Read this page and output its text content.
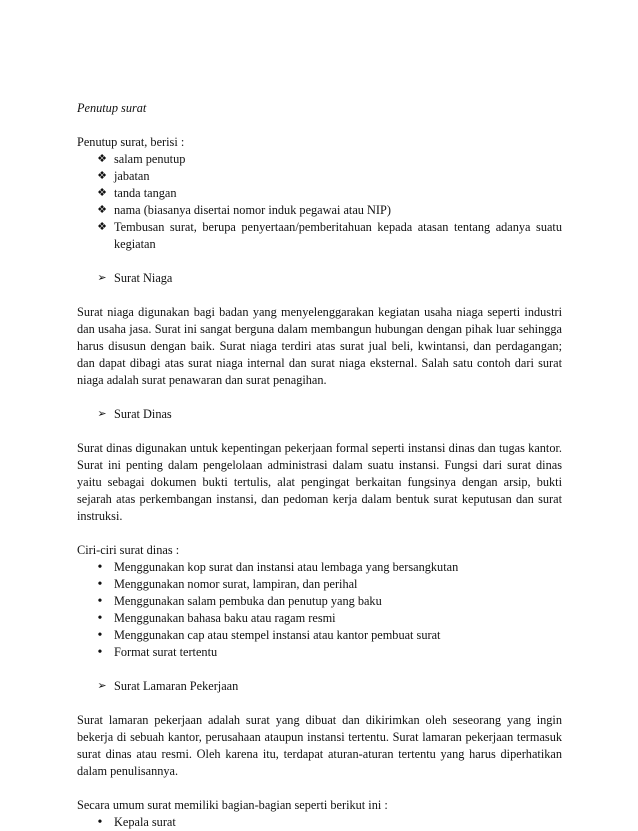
Penutup surat

Penutup surat, berisi :

❖ salam penutup
❖ jabatan
❖ tanda tangan
❖ nama (biasanya disertai nomor induk pegawai atau NIP)
❖ Tembusan surat, berupa penyertaan/pemberitahuan kepada atasan tentang adanya suatu kegiatan
➢ Surat Niaga

Surat niaga digunakan bagi badan yang menyelenggarakan kegiatan usaha niaga seperti industri dan usaha jasa. Surat ini sangat berguna dalam membangun hubungan dengan pihak luar sehingga harus disusun dengan baik. Surat niaga terdiri atas surat jual beli, kwintansi, dan perdagangan; dan dapat dibagi atas surat niaga internal dan surat niaga eksternal. Salah satu contoh dari surat niaga adalah surat penawaran dan surat penagihan.

➢ Surat Dinas

Surat dinas digunakan untuk kepentingan pekerjaan formal seperti instansi dinas dan tugas kantor. Surat ini penting dalam pengelolaan administrasi dalam suatu instansi. Fungsi dari surat dinas yaitu sebagai dokumen bukti tertulis, alat pengingat berkaitan fungsinya dengan arsip, bukti sejarah atas perkembangan instansi, dan pedoman kerja dalam bentuk surat keputusan dan surat instruksi.

Ciri-ciri surat dinas :

• Menggunakan kop surat dan instansi atau lembaga yang bersangkutan
• Menggunakan nomor surat, lampiran, dan perihal
• Menggunakan salam pembuka dan penutup yang baku
• Menggunakan bahasa baku atau ragam resmi
• Menggunakan cap atau stempel instansi atau kantor pembuat surat
• Format surat tertentu
➢ Surat Lamaran Pekerjaan

Surat lamaran pekerjaan adalah surat yang dibuat dan dikirimkan oleh seseorang yang ingin bekerja di sebuah kantor, perusahaan ataupun instansi tertentu. Surat lamaran pekerjaan termasuk surat dinas atau resmi. Oleh karena itu, terdapat aturan-aturan tertentu yang harus diperhatikan dalam penulisannya.

Secara umum surat memiliki bagian-bagian seperti berikut ini :

• Kepala surat
